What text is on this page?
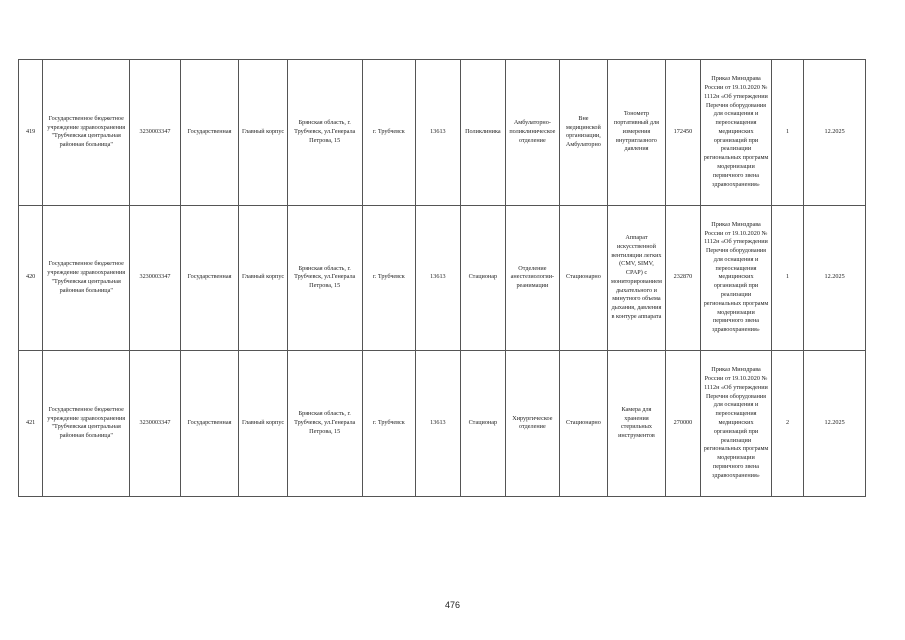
419	Государственное бюджетное учреждение здравоохранения "Трубчевская центральная районная больница"	3230003347	Государственная	Главный корпус	Брянская область, г. Трубчевск, ул.Генерала Петрова, 15	г. Трубчевск	13613	Поликлиника	Амбулаторно-поликлиническое отделение	Вне медицинской организации, Амбулаторно	Тонометр портативный для измерения внутриглазного давления	172450	Приказ Минздрава России от 19.10.2020 № 1112н «Об утверждении Перечня оборудования для оснащения и переоснащения медицинских организаций при реализации региональных программ модернизации первичного звена здравоохранения»	1	12.2025
420	Государственное бюджетное учреждение здравоохранения "Трубчевская центральная районная больница"	3230003347	Государственная	Главный корпус	Брянская область, г. Трубчевск, ул.Генерала Петрова, 15	г. Трубчевск	13613	Стационар	Отделение анестезиологии-реанимации	Стационарно	Аппарат искусственной вентиляции легких (CMV, SIMV, CPAP) с мониторированием дыхательного и минутного объема дыхания, давления в контуре аппарата	232870	Приказ Минздрава России от 19.10.2020 № 1112н «Об утверждении Перечня оборудования для оснащения и переоснащения медицинских организаций при реализации региональных программ модернизации первичного звена здравоохранения»	1	12.2025
421	Государственное бюджетное учреждение здравоохранения "Трубчевская центральная районная больница"	3230003347	Государственная	Главный корпус	Брянская область, г. Трубчевск, ул.Генерала Петрова, 15	г. Трубчевск	13613	Стационар	Хирургическое отделение	Стационарно	Камера для хранения стерильных инструментов	270000	Приказ Минздрава России от 19.10.2020 № 1112н «Об утверждении Перечня оборудования для оснащения и переоснащения медицинских организаций при реализации региональных программ модернизации первичного звена здравоохранения»	2	12.2025
476
